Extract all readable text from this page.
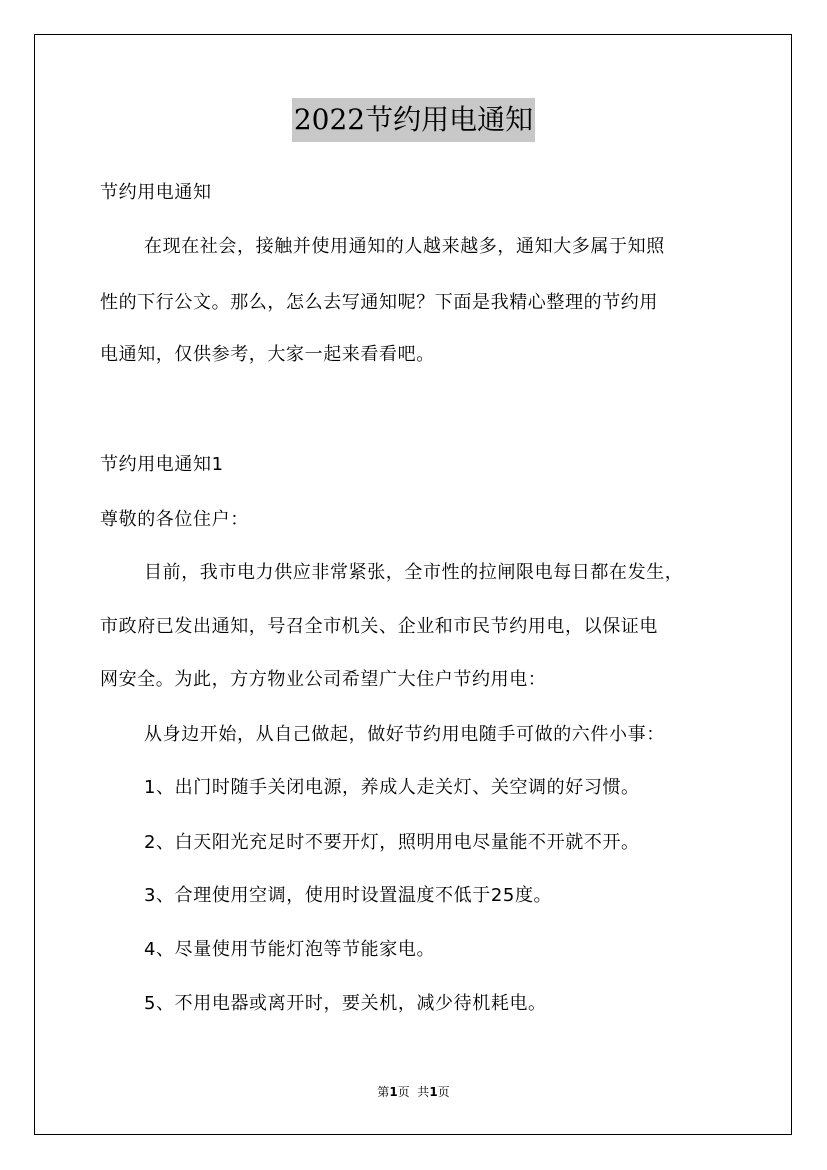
2022节约用电通知
节约用电通知
在现在社会，接触并使用通知的人越来越多，通知大多属于知照
性的下行公文。那么，怎么去写通知呢？下面是我精心整理的节约用
电通知，仅供参考，大家一起来看看吧。
节约用电通知1
尊敬的各位住户：
目前，我市电力供应非常紧张，全市性的拉闸限电每日都在发生，
市政府已发出通知，号召全市机关、企业和市民节约用电，以保证电
网安全。为此，方方物业公司希望广大住户节约用电：
从身边开始，从自己做起，做好节约用电随手可做的六件小事：
1、出门时随手关闭电源，养成人走关灯、关空调的好习惯。
2、白天阳光充足时不要开灯，照明用电尽量能不开就不开。
3、合理使用空调，使用时设置温度不低于25度。
4、尽量使用节能灯泡等节能家电。
5、不用电器或离开时，要关机，减少待机耗电。
第1页  共1页
